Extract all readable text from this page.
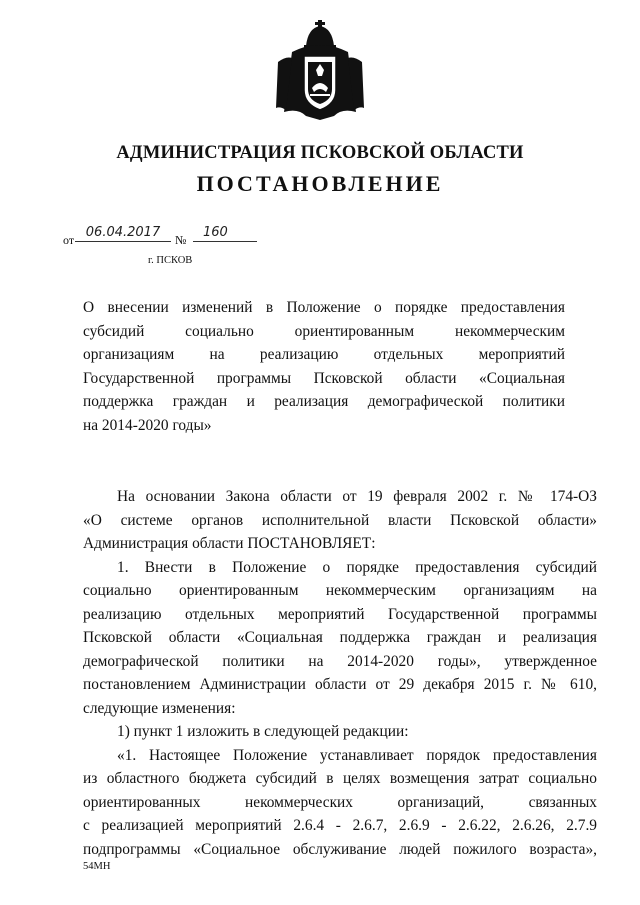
АДМИНИСТРАЦИЯ ПСКОВСКОЙ ОБЛАСТИ
ПОСТАНОВЛЕНИЕ
от 06.04.2017	№	160
г. ПСКОВ
О внесении изменений в Положение о порядке предоставления
субсидий социально ориентированным некоммерческим
организациям на реализацию отдельных мероприятий
Государственной программы Псковской области «Социальная
поддержка граждан и реализация демографической политики
на 2014-2020 годы»
На основании Закона области от 19 февраля 2002 г. № 174-ОЗ
«О системе органов исполнительной власти Псковской области»
Администрация области ПОСТАНОВЛЯЕТ:
1. Внести в Положение о порядке предоставления субсидий
социально ориентированным некоммерческим организациям на
реализацию отдельных мероприятий Государственной программы
Псковской области «Социальная поддержка граждан и реализация
демографической политики на 2014-2020 годы», утвержденное
постановлением Администрации области от 29 декабря 2015 г. № 610,
следующие изменения:
1) пункт 1 изложить в следующей редакции:
«1. Настоящее Положение устанавливает порядок предоставления
из областного бюджета субсидий в целях возмещения затрат социально
ориентированных некоммерческих организаций, связанных
с реализацией мероприятий 2.6.4 - 2.6.7, 2.6.9 - 2.6.22, 2.6.26, 2.7.9
подпрограммы «Социальное обслуживание людей пожилого возраста»,
54МН
